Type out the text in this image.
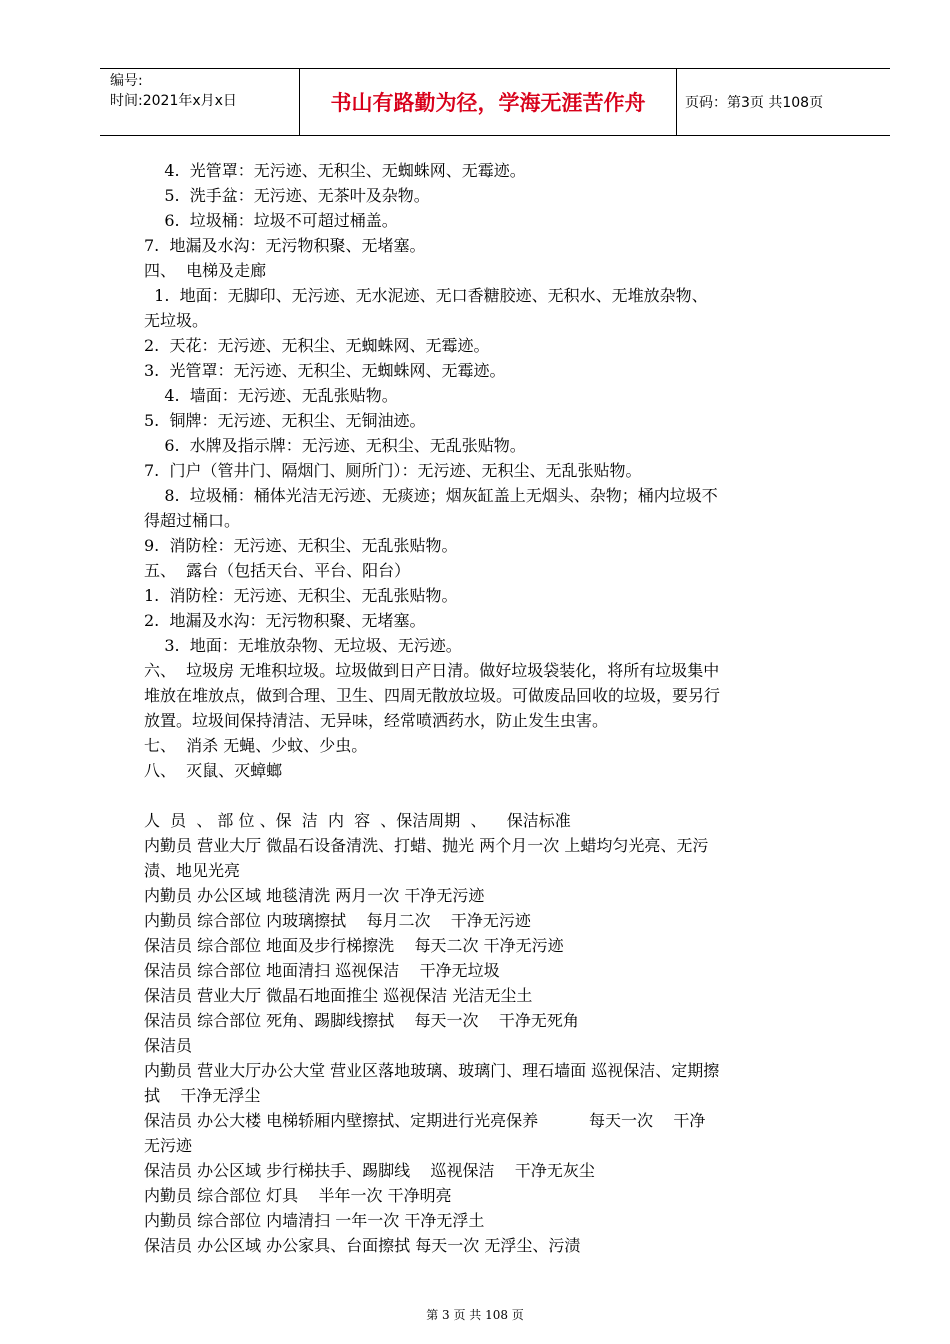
编号:
时间:2021年x月x日	书山有路勤为径，学海无涯苦作舟	页码：第3页 共108页
4.  光管罩：无污迹、无积尘、无蜘蛛网、无霉迹。
5.  洗手盆：无污迹、无茶叶及杂物。
6.  垃圾桶：垃圾不可超过桶盖。
7.  地漏及水沟：无污物积聚、无堵塞。
四、  电梯及走廊
1.  地面：无脚印、无污迹、无水泥迹、无口香糖胶迹、无积水、无堆放杂物、
无垃圾。
2.  天花：无污迹、无积尘、无蜘蛛网、无霉迹。
3.  光管罩：无污迹、无积尘、无蜘蛛网、无霉迹。
4.  墙面：无污迹、无乱张贴物。
5.  铜牌：无污迹、无积尘、无铜油迹。
6.  水牌及指示牌：无污迹、无积尘、无乱张贴物。
7.  门户（管井门、隔烟门、厕所门）：无污迹、无积尘、无乱张贴物。
8.  垃圾桶：桶体光洁无污迹、无痰迹；烟灰缸盖上无烟头、杂物；桶内垃圾不
得超过桶口。
9.  消防栓：无污迹、无积尘、无乱张贴物。
五、  露台（包括天台、平台、阳台）
1.  消防栓：无污迹、无积尘、无乱张贴物。
2.  地漏及水沟：无污物积聚、无堵塞。
3.  地面：无堆放杂物、无垃圾、无污迹。
六、  垃圾房 无堆积垃圾。垃圾做到日产日清。做好垃圾袋装化，将所有垃圾集中
堆放在堆放点，做到合理、卫生、四周无散放垃圾。可做废品回收的垃圾，要另行
放置。垃圾间保持清洁、无异味，经常喷洒药水，防止发生虫害。
七、  消杀 无蝇、少蚊、少虫。
八、  灭鼠、灭蟑螂
人  员  、 部 位 、保  洁  内  容  、保洁周期  、    保洁标准
内勤员 营业大厅 微晶石设备清洗、打蜡、抛光 两个月一次 上蜡均匀光亮、无污
渍、地见光亮
内勤员 办公区域 地毯清洗 两月一次 干净无污迹
内勤员 综合部位 内玻璃擦拭    每月二次    干净无污迹
保洁员 综合部位 地面及步行梯擦洗    每天二次 干净无污迹
保洁员 综合部位 地面清扫 巡视保洁    干净无垃圾
保洁员 营业大厅 微晶石地面推尘 巡视保洁 光洁无尘土
保洁员 综合部位 死角、踢脚线擦拭    每天一次    干净无死角
保洁员
内勤员 营业大厅办公大堂 营业区落地玻璃、玻璃门、理石墙面 巡视保洁、定期擦
拭    干净无浮尘
保洁员 办公大楼 电梯轿厢内壁擦拭、定期进行光亮保养          每天一次    干净
无污迹
保洁员 办公区域 步行梯扶手、踢脚线    巡视保洁    干净无灰尘
内勤员 综合部位 灯具    半年一次 干净明亮
内勤员 综合部位 内墙清扫 一年一次 干净无浮土
保洁员 办公区域 办公家具、台面擦拭 每天一次 无浮尘、污渍
第 3 页 共 108 页
